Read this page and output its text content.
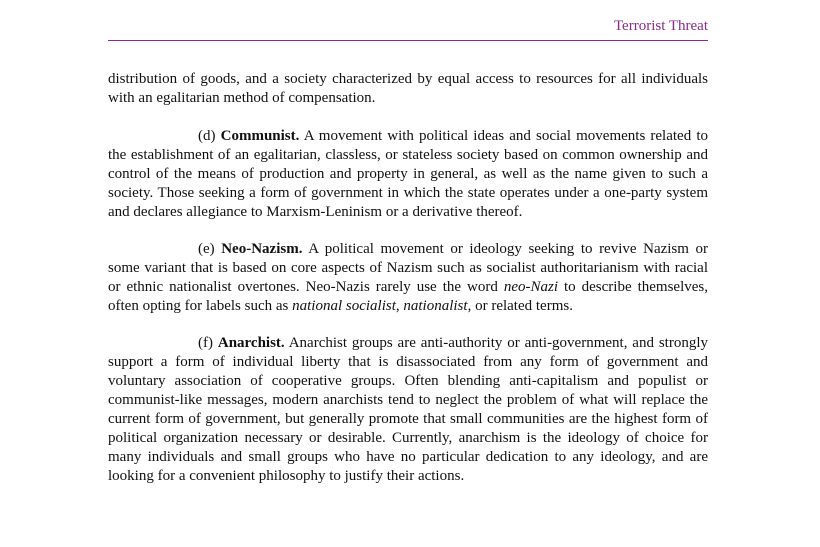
Terrorist Threat

distribution of goods, and a society characterized by equal access to resources for all individuals with an egalitarian method of compensation.

(d) Communist. A movement with political ideas and social movements related to the establishment of an egalitarian, classless, or stateless society based on common ownership and control of the means of production and property in general, as well as the name given to such a society. Those seeking a form of government in which the state operates under a one-party system and declares allegiance to Marxism-Leninism or a derivative thereof.

(e) Neo-Nazism. A political movement or ideology seeking to revive Nazism or some variant that is based on core aspects of Nazism such as socialist authoritarianism with racial or ethnic nationalist overtones. Neo-Nazis rarely use the word neo-Nazi to describe themselves, often opting for labels such as national socialist, nationalist, or related terms.

(f) Anarchist. Anarchist groups are anti-authority or anti-government, and strongly support a form of individual liberty that is disassociated from any form of government and voluntary association of cooperative groups. Often blending anti-capitalism and populist or communist-like messages, modern anarchists tend to neglect the problem of what will replace the current form of government, but generally promote that small communities are the highest form of political organization necessary or desirable. Currently, anarchism is the ideology of choice for many individuals and small groups who have no particular dedication to any ideology, and are looking for a convenient philosophy to justify their actions.
